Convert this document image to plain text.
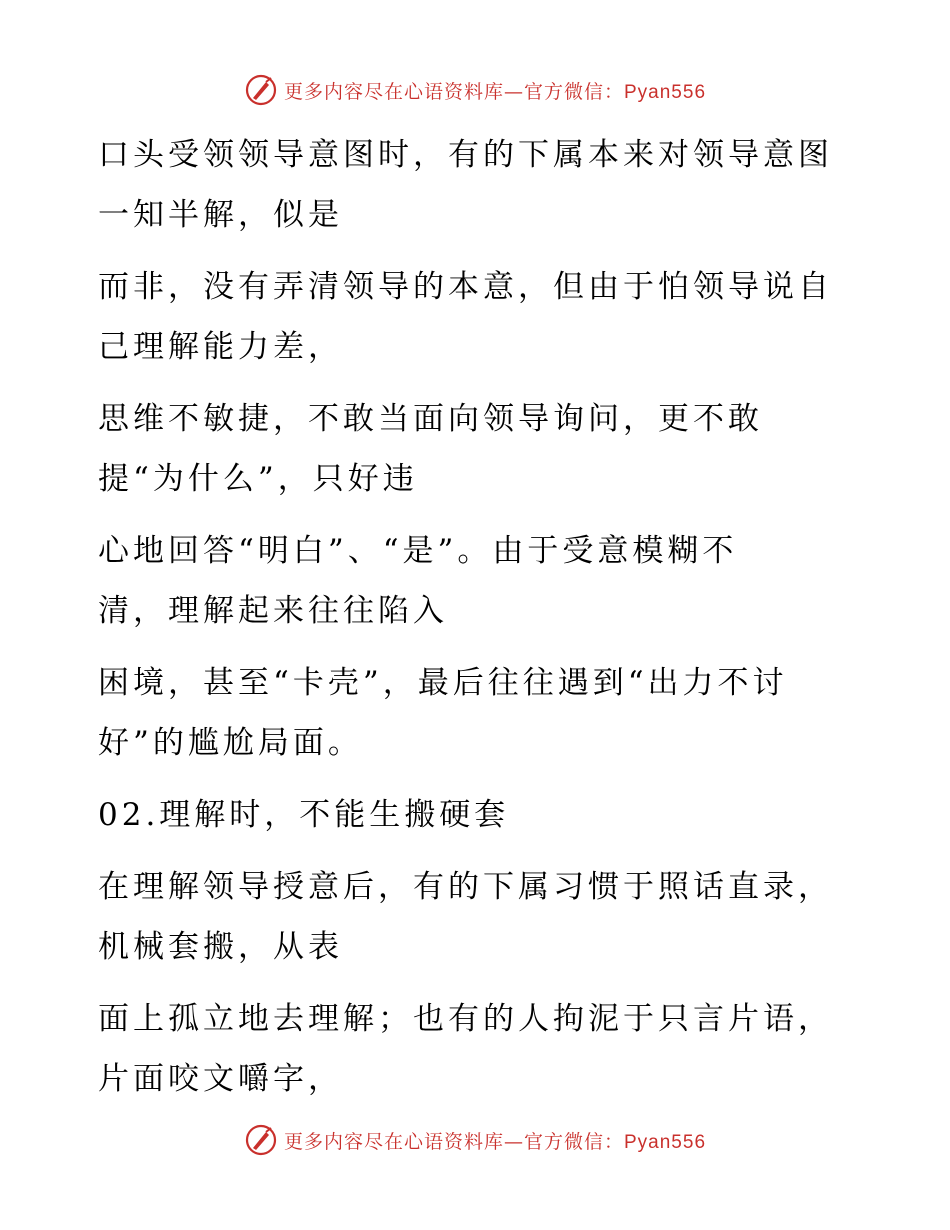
更多内容尽在心语资料库—官方微信：Pyan556

口头受领领导意图时，有的下属本来对领导意图
一知半解，似是

而非，没有弄清领导的本意，但由于怕领导说自
己理解能力差，

思维不敏捷，不敢当面向领导询问，更不敢
提“为什么”，只好违

心地回答“明白”、“是”。由于受意模糊不
清，理解起来往往陷入

困境，甚至“卡壳”，最后往往遇到“出力不讨
好”的尴尬局面。

02.理解时，不能生搬硬套

在理解领导授意后，有的下属习惯于照话直录，
机械套搬，从表

面上孤立地去理解；也有的人拘泥于只言片语，
片面咬文嚼字，

更多内容尽在心语资料库—官方微信：Pyan556
